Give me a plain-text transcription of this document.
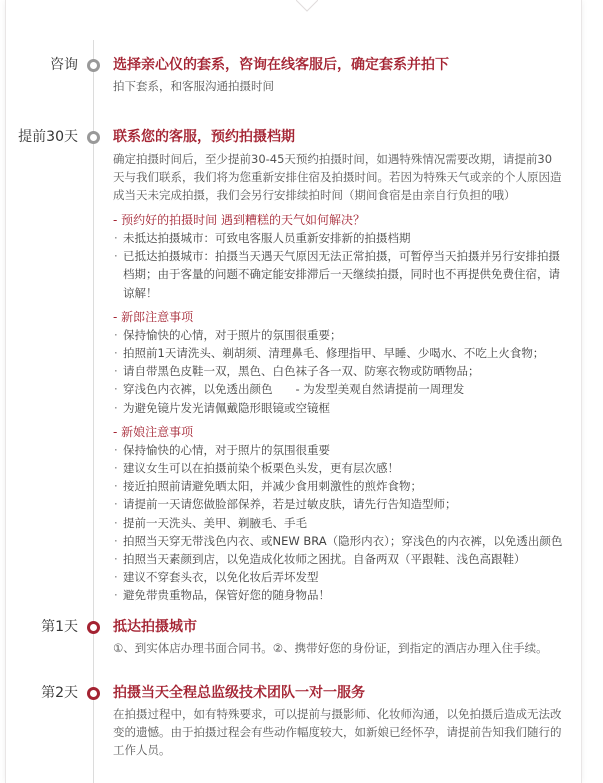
咨询	选择亲心仪的套系，咨询在线客服后，确定套系并拍下
拍下套系，和客服沟通拍摄时间
提前30天	联系您的客服，预约拍摄档期
确定拍摄时间后，至少提前30-45天预约拍摄时间，如遇特殊情况需要改期，请提前30天与我们联系，我们将为您重新安排住宿及拍摄时间。若因为特殊天气或亲的个人原因造成当天未完成拍摄，我们会另行安排续拍时间（期间食宿是由亲自行负担的哦）
- 预约好的拍摄时间 遇到糟糕的天气如何解决？
· 未抵达拍摄城市：可致电客服人员重新安排新的拍摄档期
· 已抵达拍摄城市：拍摄当天遇天气原因无法正常拍摄，可暂停当天拍摄并另行安排拍摄档期；由于客量的问题不确定能安排滞后一天继续拍摄，同时也不再提供免费住宿，请谅解！
- 新郎注意事项
· 保持愉快的心情，对于照片的氛围很重要；
· 拍照前1天请洗头、剃胡须、清理鼻毛、修理指甲、早睡、少喝水、不吃上火食物；
· 请自带黑色皮鞋一双，黑色、白色袜子各一双、防寒衣物或防晒物品；
· 穿浅色内衣裤，以免透出颜色　　- 为发型美观自然请提前一周理发
· 为避免镜片发光请佩戴隐形眼镜或空镜框
- 新娘注意事项
· 保持愉快的心情，对于照片的氛围很重要
· 建议女生可以在拍摄前染个板栗色头发，更有层次感！
· 接近拍照前请避免晒太阳，并减少食用刺激性的煎炸食物；
· 请提前一天请您做脸部保养，若是过敏皮肤，请先行告知造型师；
· 提前一天洗头、美甲、剃腋毛、手毛
· 拍照当天穿无带浅色内衣、或NEW BRA（隐形内衣）；穿浅色的内衣裤，以免透出颜色
· 拍照当天素颜到店，以免造成化妆师之困扰。自备两双（平跟鞋、浅色高跟鞋）
· 建议不穿套头衣，以免化妆后弄坏发型
· 避免带贵重物品，保管好您的随身物品！
第1天	抵达拍摄城市
①、到实体店办理书面合同书。②、携带好您的身份证，到指定的酒店办理入住手续。
第2天	拍摄当天全程总监级技术团队一对一服务
在拍摄过程中，如有特殊要求，可以提前与摄影师、化妆师沟通，以免拍摄后造成无法改变的遗憾。由于拍摄过程会有些动作幅度较大，如新娘已经怀孕，请提前告知我们随行的工作人员。
